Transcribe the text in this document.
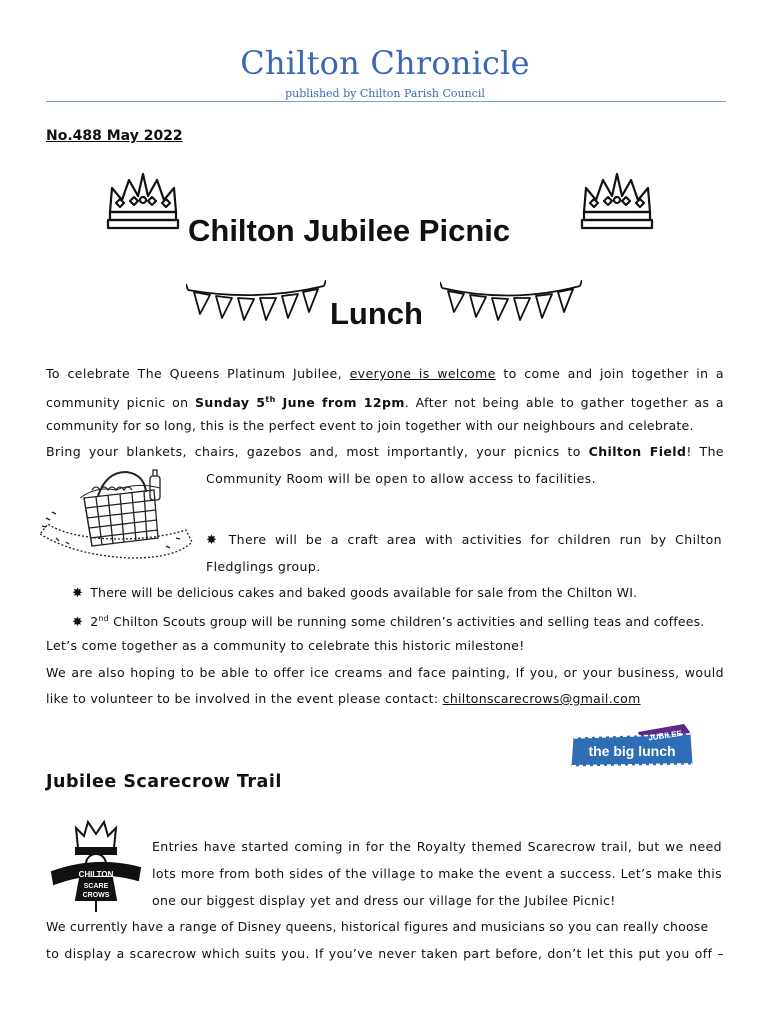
Chilton Chronicle
published by Chilton Parish Council
No.488 May 2022
Chilton Jubilee Picnic
Lunch
To celebrate The Queens Platinum Jubilee, everyone is welcome to come and join together in a
community picnic on Sunday 5th June from 12pm. After not being able to gather together as a
community for so long, this is the perfect event to join together with our neighbours and celebrate.
Bring your blankets, chairs, gazebos and, most importantly, your picnics to Chilton Field! The
Community Room will be open to allow access to facilities.
✸ There will be a craft area with activities for children run by Chilton
Fledglings group.
✸ There will be delicious cakes and baked goods available for sale from the Chilton WI.
✸ 2nd Chilton Scouts group will be running some children’s activities and selling teas and coffees.
Let’s come together as a community to celebrate this historic milestone!
We are also hoping to be able to offer ice creams and face painting, If you, or your business, would
like to volunteer to be involved in the event please contact: chiltonscarecrows@gmail.com
JUBILEE
the big lunch
Jubilee Scarecrow Trail
CHILTON
SCARE
CROWS
Entries have started coming in for the Royalty themed Scarecrow trail, but we need
lots more from both sides of the village to make the event a success. Let’s make this
one our biggest display yet and dress our village for the Jubilee Picnic!
We currently have a range of Disney queens, historical figures and musicians so you can really choose
to display a scarecrow which suits you. If you’ve never taken part before, don’t let this put you off –
